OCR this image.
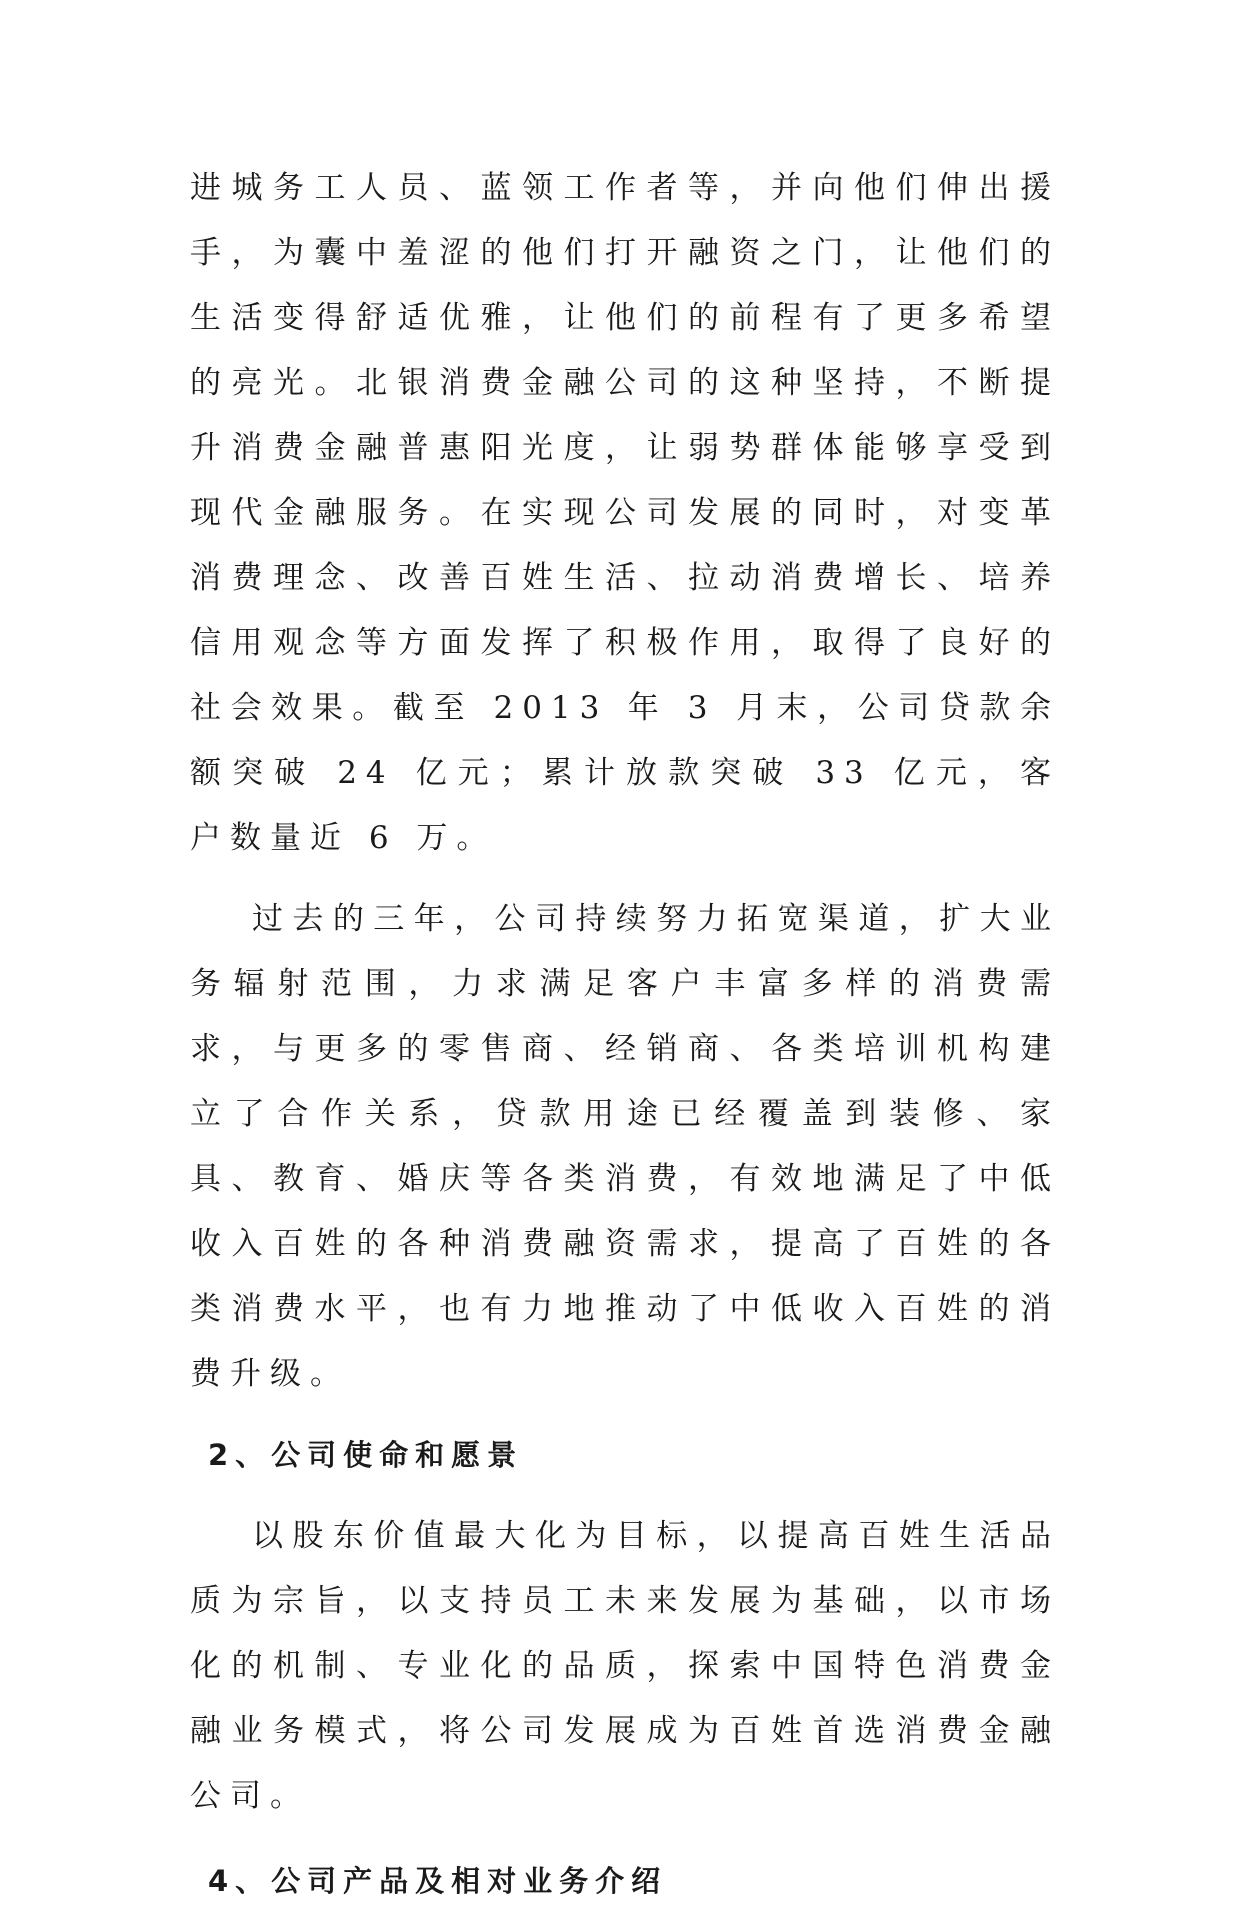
进城务工人员、蓝领工作者等，并向他们伸出援手，为囊中羞涩的他们打开融资之门，让他们的生活变得舒适优雅，让他们的前程有了更多希望的亮光。北银消费金融公司的这种坚持，不断提升消费金融普惠阳光度，让弱势群体能够享受到现代金融服务。在实现公司发展的同时，对变革消费理念、改善百姓生活、拉动消费增长、培养信用观念等方面发挥了积极作用，取得了良好的社会效果。截至 2013 年 3 月末，公司贷款余额突破 24 亿元；累计放款突破 33 亿元，客户数量近 6 万。

过去的三年，公司持续努力拓宽渠道，扩大业务辐射范围，力求满足客户丰富多样的消费需求，与更多的零售商、经销商、各类培训机构建立了合作关系，贷款用途已经覆盖到装修、家具、教育、婚庆等各类消费，有效地满足了中低收入百姓的各种消费融资需求，提高了百姓的各类消费水平，也有力地推动了中低收入百姓的消费升级。

2、公司使命和愿景

以股东价值最大化为目标，以提高百姓生活品质为宗旨，以支持员工未来发展为基础，以市场化的机制、专业化的品质，探索中国特色消费金融业务模式，将公司发展成为百姓首选消费金融公司。

4、公司产品及相对业务介绍
